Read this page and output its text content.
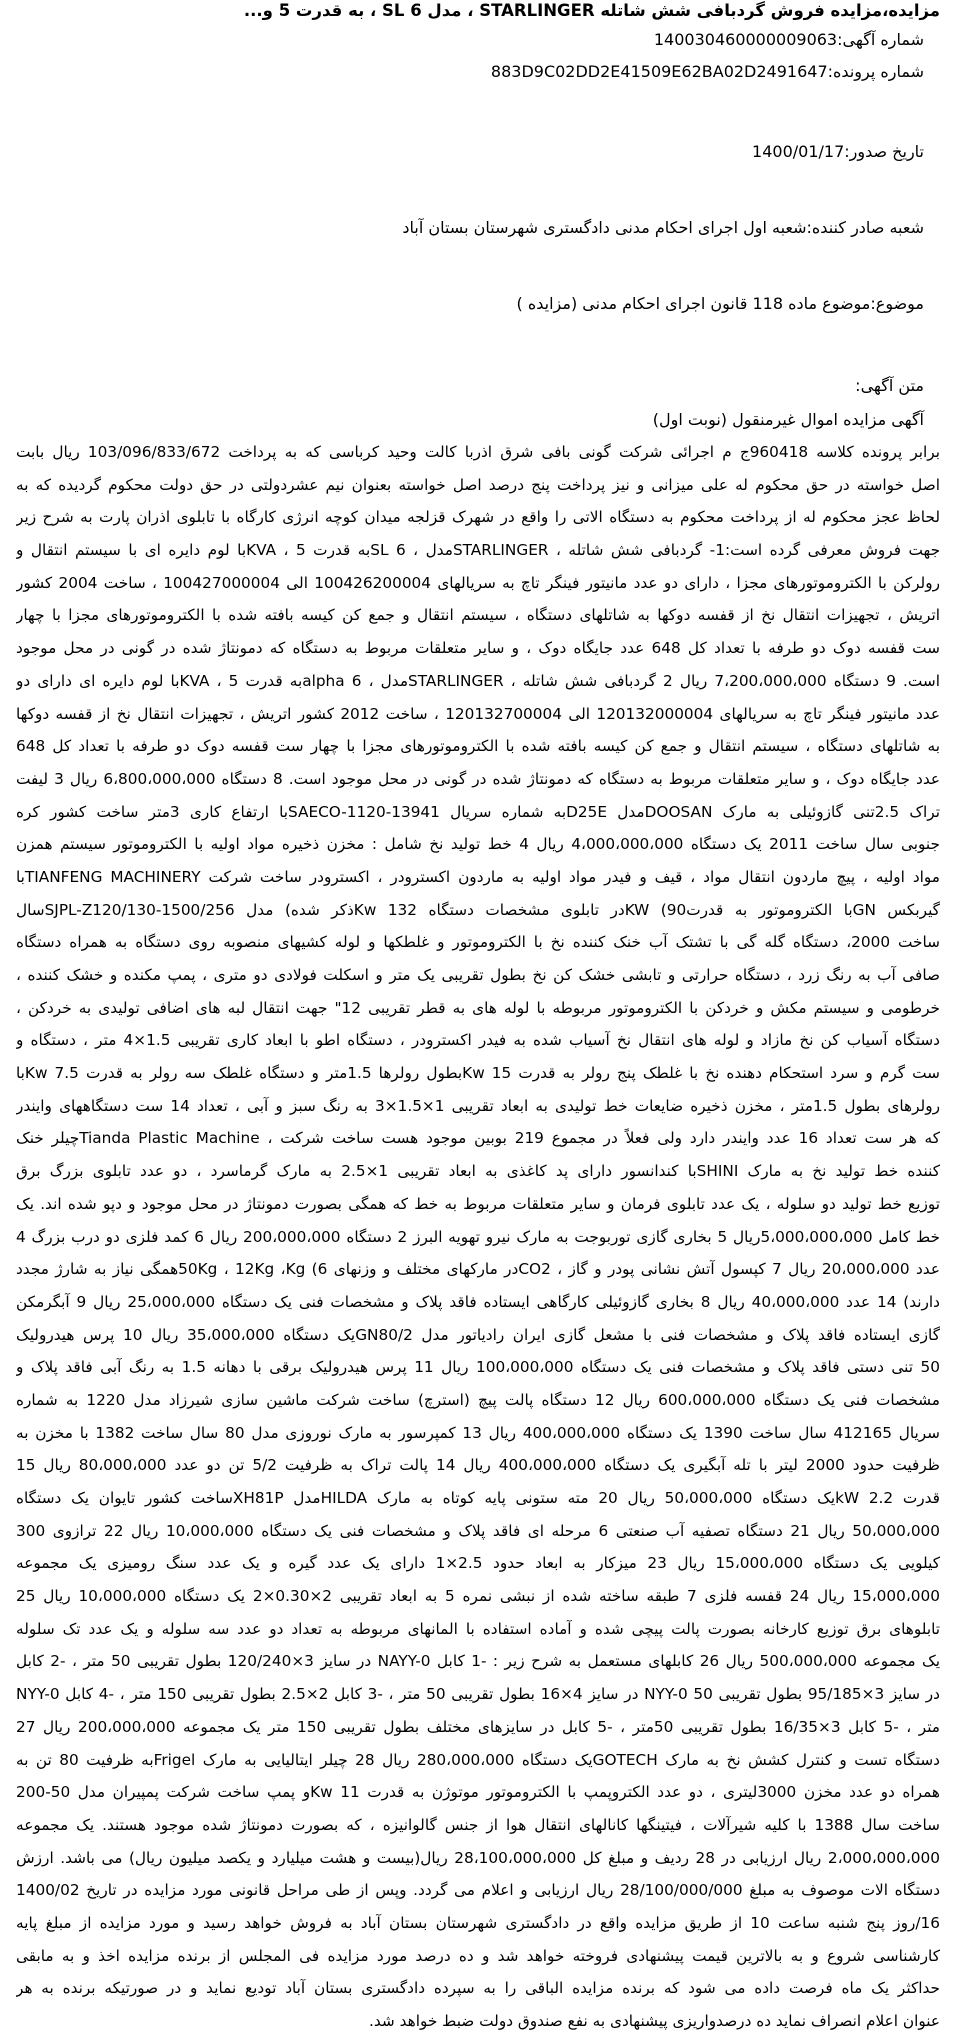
مزایده،مزایده فروش گردبافی شش شاتله STARLINGER ، مدل SL 6 ، به قدرت 5 و...
شماره آگهی:140030460000009063
شماره پرونده:883D9C02DD2E41509E62BA02D2491647
تاریخ صدور:1400/01/17
شعبه صادر کننده:شعبه اول اجرای احکام مدنی دادگستری شهرستان بستان آباد
موضوع:موضوع ماده 118 قانون اجرای احکام مدنی (مزایده )
متن آگهی:
آگهی مزایده اموال غیرمنقول (نوبت اول)
برابر پرونده کلاسه 960418ج م اجرائی شرکت گونی بافی شرق اذربا کالت وحید کرباسی که به پرداخت 103/096/833/672 ریال بابت
اصل خواسته در حق محکوم له علی میزانی و نیز پرداخت پنج درصد اصل خواسته بعنوان نیم عشردولتی در حق دولت محکوم گردیده که به
لحاظ عجز محکوم له از پرداخت محکوم به دستگاه الاتی را واقع در شهرک قزلجه میدان کوچه انرژی کارگاه با تابلوی اذران پارت به شرح زیر
جهت فروش معرفی گرده است:1- گردبافی شش شاتله ، STARLINGERمدل ، SL 6به قدرت 5 ، KVAبا لوم دایره ای با سیستم انتقال و
رولرکن با الکتروموتورهای مجزا ، دارای دو عدد مانیتور فینگر تاچ به سریالهای 100426200004 الی 100427000004 ، ساخت 2004 کشور
اتریش ، تجهیزات انتقال نخ از قفسه دوکها به شاتلهای دستگاه ، سیستم انتقال و جمع کن کیسه بافته شده با الکتروموتورهای مجزا با چهار
ست قفسه دوک دو طرفه با تعداد کل 648 عدد جایگاه دوک ، و سایر متعلقات مربوط به دستگاه که دمونتاژ شده در گونی در محل موجود
است. 9 دستگاه 7،200،000،000 ریال 2 گردبافی شش شاتله ، STARLINGERمدل ، alpha 6به قدرت 5 ، KVAبا لوم دایره ای دارای دو
عدد مانیتور فینگر تاچ به سریالهای 120132000004 الی 120132700004 ، ساخت 2012 کشور اتریش ، تجهیزات انتقال نخ از قفسه دوکها
به شاتلهای دستگاه ، سیستم انتقال و جمع کن کیسه بافته شده با الکتروموتورهای مجزا با چهار ست قفسه دوک دو طرفه با تعداد کل 648
عدد جایگاه دوک ، و سایر متعلقات مربوط به دستگاه که دمونتاژ شده در گونی در محل موجود است. 8 دستگاه 6،800،000،000 ریال 3 لیفت
تراک 2.5تنی گازوئیلی به مارک DOOSANمدل D25Eبه شماره سریال SAECO-1120-13941با ارتفاع کاری 3متر ساخت کشور کره
جنوبی سال ساخت 2011 یک دستگاه 4،000،000،000 ریال 4 خط تولید نخ شامل : مخزن ذخیره مواد اولیه با الکتروموتور سیستم همزن
مواد اولیه ، پیچ ماردون انتقال مواد ، قیف و فیدر مواد اولیه به ماردون اکسترودر ، اکسترودر ساخت شرکت TIANFENG MACHINERYبا
گیربکس GNبا الکتروموتور به قدرت90) KWدر تابلوی مشخصات دستگاه 132 Kwذکر شده) مدل SJPL-Z120/130-1500/256سال
ساخت 2000، دستگاه گله گی با تشتک آب خنک کننده نخ با الکتروموتور و غلطکها و لوله کشیهای منصوبه روی دستگاه به همراه دستگاه
صافی آب به رنگ زرد ، دستگاه حرارتی و تابشی خشک کن نخ بطول تقریبی یک متر و اسکلت فولادی دو متری ، پمپ مکنده و خشک کننده ،
خرطومی و سیستم مکش و خردکن با الکتروموتور مربوطه با لوله های به قطر تقریبی 12" جهت انتقال لبه های اضافی تولیدی به خردکن ،
دستگاه آسیاب کن نخ مازاد و لوله های انتقال نخ آسیاب شده به فیدر اکسترودر ، دستگاه اطو با ابعاد کاری تقریبی 1.5×4 متر ، دستگاه و
ست گرم و سرد استحکام دهنده نخ با غلطک پنج رولر به قدرت 15 Kwبطول رولرها 1.5متر و دستگاه غلطک سه رولر به قدرت 7.5 Kwبا
رولرهای بطول 1.5متر ، مخزن ذخیره ضایعات خط تولیدی به ابعاد تقریبی 1×1.5×3 به رنگ سبز و آبی ، تعداد 14 ست دستگاههای وایندر
که هر ست تعداد 16 عدد وایندر دارد ولی فعلاً در مجموع 219 بوبین موجود هست ساخت شرکت ، Tianda Plastic Machineچیلر خنک
کننده خط تولید نخ به مارک SHINIبا کندانسور دارای پد کاغذی به ابعاد تقریبی 1×2.5 به مارک گرماسرد ، دو عدد تابلوی بزرگ برق
توزیع خط تولید دو سلوله ، یک عدد تابلوی فرمان و سایر متعلقات مربوط به خط که همگی بصورت دمونتاژ در محل موجود و دپو شده اند. یک
خط کامل 5،000،000،000ریال 5 بخاری گازی توربوجت به مارک نیرو تهویه البرز 2 دستگاه 200،000،000 ریال 6 کمد فلزی دو درب بزرگ 4
عدد 20،000،000 ریال 7 کپسول آتش نشانی پودر و گاز ، CO2در مارکهای مختلف و وزنهای 6) 50Kg ، 12Kg ،Kgهمگی نیاز به شارژ مجدد
دارند) 14 عدد 40،000،000 ریال 8 بخاری گازوئیلی کارگاهی ایستاده فاقد پلاک و مشخصات فنی یک دستگاه 25،000،000 ریال 9 آبگرمکن
گازی ایستاده فاقد پلاک و مشخصات فنی با مشعل گازی ایران رادیاتور مدل GN80/2یک دستگاه 35،000،000 ریال 10 پرس هیدرولیک
50 تنی دستی فاقد پلاک و مشخصات فنی یک دستگاه 100،000،000 ریال 11 پرس هیدرولیک برقی با دهانه 1.5 به رنگ آبی فاقد پلاک و
مشخصات فنی یک دستگاه 600،000،000 ریال 12 دستگاه پالت پیچ (استرچ) ساخت شرکت ماشین سازی شیرزاد مدل 1220 به شماره
سریال 412165 سال ساخت 1390 یک دستگاه 400،000،000 ریال 13 کمپرسور به مارک نوروزی مدل 80 سال ساخت 1382 با مخزن به
ظرفیت حدود 2000 لیتر با تله آبگیری یک دستگاه 400،000،000 ریال 14 پالت تراک به ظرفیت 5/2 تن دو عدد 80،000،000 ریال 15
قدرت 2.2 kWیک دستگاه 50،000،000 ریال 20 مته ستونی پایه کوتاه به مارک HILDAمدل XH81Pساخت کشور تایوان یک دستگاه
50،000،000 ریال 21 دستگاه تصفیه آب صنعتی 6 مرحله ای فاقد پلاک و مشخصات فنی یک دستگاه 10،000،000 ریال 22 ترازوی 300
کیلویی یک دستگاه 15،000،000 ریال 23 میزکار به ابعاد حدود 2.5×1 دارای یک عدد گیره و یک عدد سنگ رومیزی یک مجموعه
15،000،000 ریال 24 قفسه فلزی 7 طبقه ساخته شده از نبشی نمره 5 به ابعاد تقریبی 2×0.30×2 یک دستگاه 10،000،000 ریال 25
تابلوهای برق توزیع کارخانه بصورت پالت پیچی شده و آماده استفاده با المانهای مربوطه به تعداد دو عدد سه سلوله و یک عدد تک سلوله
یک مجموعه 500،000،000 ریال 26 کابلهای مستعمل به شرح زیر : -1 کابل NAYY-0 در سایز 3×120/240 بطول تقریبی 50 متر ، -2 کابل
NYY-0 در سایز 4×16 بطول تقریبی 50 متر ، -3 کابل 2×2.5 بطول تقریبی 150 متر ، -4 کابل NYY-0 در سایز 3×95/185 بطول تقریبی 50
متر ، -5 کابل 3×16/35 بطول تقریبی 50متر ، -5 کابل در سایزهای مختلف بطول تقریبی 150 متر یک مجموعه 200،000،000 ریال 27
دستگاه تست و کنترل کشش نخ به مارک GOTECHیک دستگاه 280،000،000 ریال 28 چیلر ایتالیایی به مارک Frigelبه ظرفیت 80 تن به
همراه دو عدد مخزن 3000لیتری ، دو عدد الکتروپمپ با الکتروموتور موتوژن به قدرت 11 Kwو پمپ ساخت شرکت پمپیران مدل 50-200
ساخت سال 1388 با کلیه شیرآلات ، فیتینگها کانالهای انتقال هوا از جنس گالوانیزه ، که بصورت دمونتاژ شده موجود هستند. یک مجموعه
2،000،000،000 ریال ارزیابی در 28 ردیف و مبلغ کل 28،100،000،000 ریال(بیست و هشت میلیارد و یکصد میلیون ریال) می باشد. ارزش
دستگاه الات موصوف به مبلغ 28/100/000/000 ریال ارزیابی و اعلام می گردد. وپس از طی مراحل قانونی مورد مزایده در تاریخ 1400/02
16/روز پنج شنبه ساعت 10 از طریق مزایده واقع در دادگستری شهرستان بستان آباد به فروش خواهد رسید و مورد مزایده از مبلغ پایه
کارشناسی شروع و به بالاترین قیمت پیشنهادی فروخته خواهد شد و ده درصد مورد مزایده فی المجلس از برنده مزایده اخذ و به مابقی
حداکثر یک ماه فرصت داده می شود که برنده مزایده الباقی را به سپرده دادگستری بستان آباد تودیع نماید و در صورتیکه برنده به هر
عنوان اعلام انصراف نماید ده درصدواریزی پیشنهادی به نفع صندوق دولت ضبط خواهد شد.
